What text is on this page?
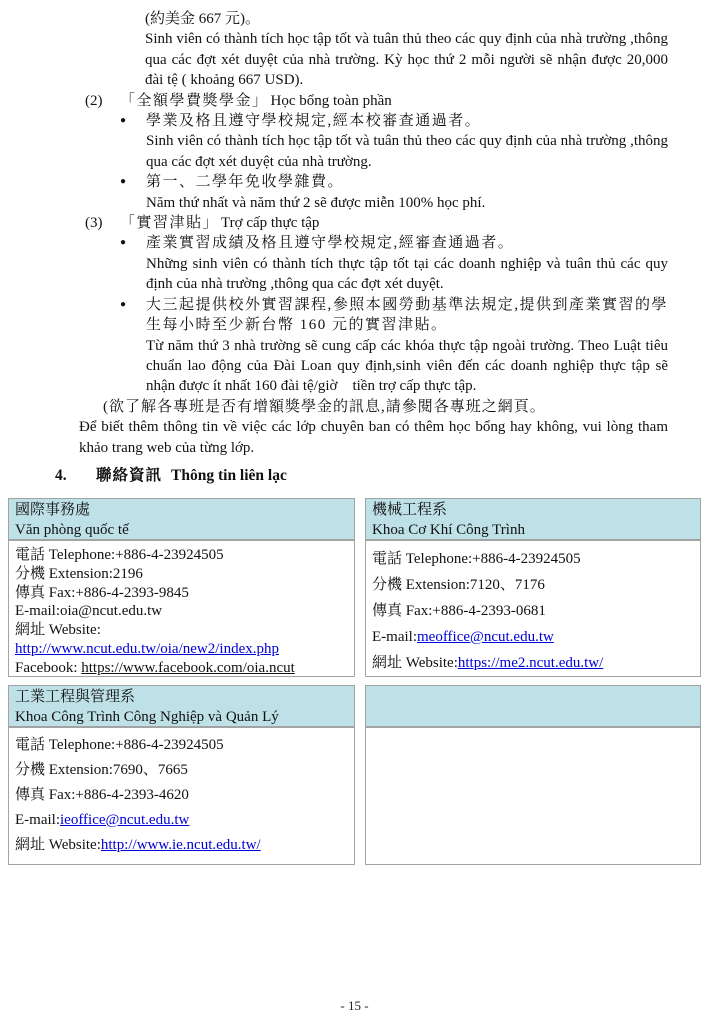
(約美金 667 元)。

Sinh viên có thành tích học tập tốt và tuân thủ theo các quy định của nhà trường ,thông qua các đợt xét duyệt của nhà trường. Kỳ học thứ 2 mỗi người sẽ nhận được 20,000 đài tệ ( khoảng 667 USD).

(2)	「全額學費獎學金」 Học bổng toàn phần
●	學業及格且遵守學校規定,經本校審查通過者。

Sinh viên có thành tích học tập tốt và tuân thủ theo các quy định của nhà trường ,thông qua các đợt xét duyệt của nhà trường.

●	第一、二學年免收學雜費。

Năm thứ nhất và năm thứ 2 sẽ được miễn 100% học phí.

(3)	「實習津貼」 Trợ cấp thực tập
●	產業實習成績及格且遵守學校規定,經審查通過者。

Những sinh viên có thành tích thực tập tốt tại các doanh nghiệp và tuân thủ các quy định của nhà trường ,thông qua các đợt xét duyệt.

●	大三起提供校外實習課程,參照本國勞動基準法規定,提供到產業實習的學生每小時至少新台幣 160 元的實習津貼。

Từ năm thứ 3 nhà trường sẽ cung cấp các khóa thực tập ngoài trường. Theo Luật tiêu chuẩn lao động của Đài Loan quy định,sinh viên đến các doanh nghiệp thực tập sẽ nhận được ít nhất 160 đài tệ/giờ　tiền trợ cấp thực tập.

(欲了解各專班是否有增額獎學金的訊息,請參閱各專班之網頁。

Để biết thêm thông tin về việc các lớp chuyên ban có thêm học bổng hay không, vui lòng tham khảo trang web của từng lớp.

4.	聯絡資訊 Thông tin liên lạc
國際事務處
Văn phòng quốc tế
機械工程系
Khoa Cơ Khí Công Trình
電話 Telephone:+886-4-23924505
分機 Extension:2196
傳真 Fax:+886-4-2393-9845
E-mail:oia@ncut.edu.tw
網址 Website:
http://www.ncut.edu.tw/oia/new2/index.php
Facebook: https://www.facebook.com/oia.ncut
電話 Telephone:+886-4-23924505
分機 Extension:7120、7176
傳真 Fax:+886-4-2393-0681
E-mail:meoffice@ncut.edu.tw
網址 Website:https://me2.ncut.edu.tw/
工業工程與管理系
Khoa Công Trình Công Nghiệp và Quản Lý
電話 Telephone:+886-4-23924505
分機 Extension:7690、7665
傳真 Fax:+886-4-2393-4620
E-mail:ieoffice@ncut.edu.tw
網址 Website:http://www.ie.ncut.edu.tw/
- 15 -
